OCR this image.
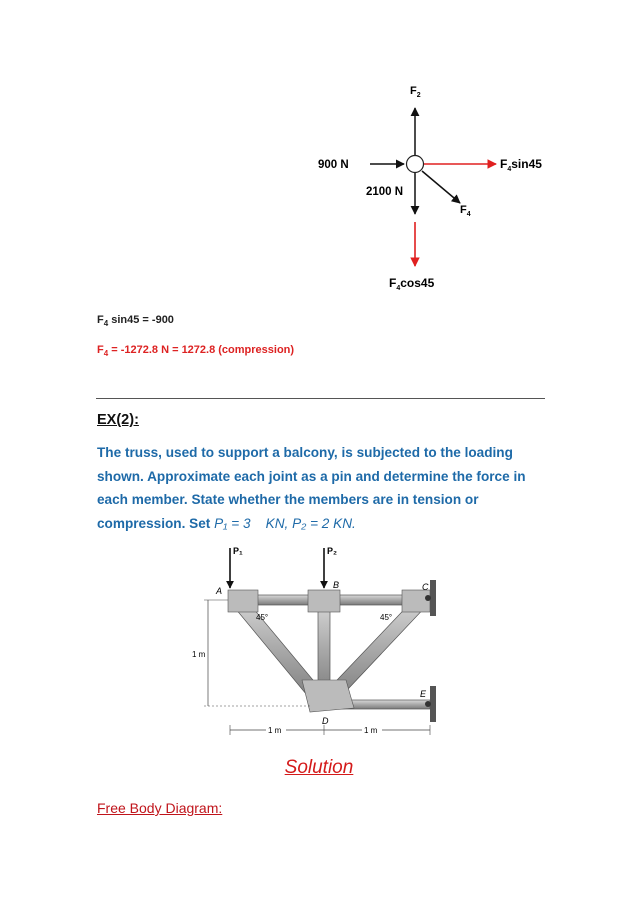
$F_2$
900 N
2100 N
$F_4$
$F_4\sin 45$
$F_4\cos 45$
$F_4$ sin45 = -900
$F_4 = -1272.8$ N = 1272.8 (compression)
EX(2):
The truss, used to support a balcony, is subjected to the loading shown. Approximate each joint as a pin and determine the force in each member. State whether the members are in tension or compression. Set P₁ = 3 KN, P₂ = 2 KN.
P₁	P₂
A
B	C
D
E
45°	45°
1 m
1 m	1 m
Solution
Free Body Diagram:
